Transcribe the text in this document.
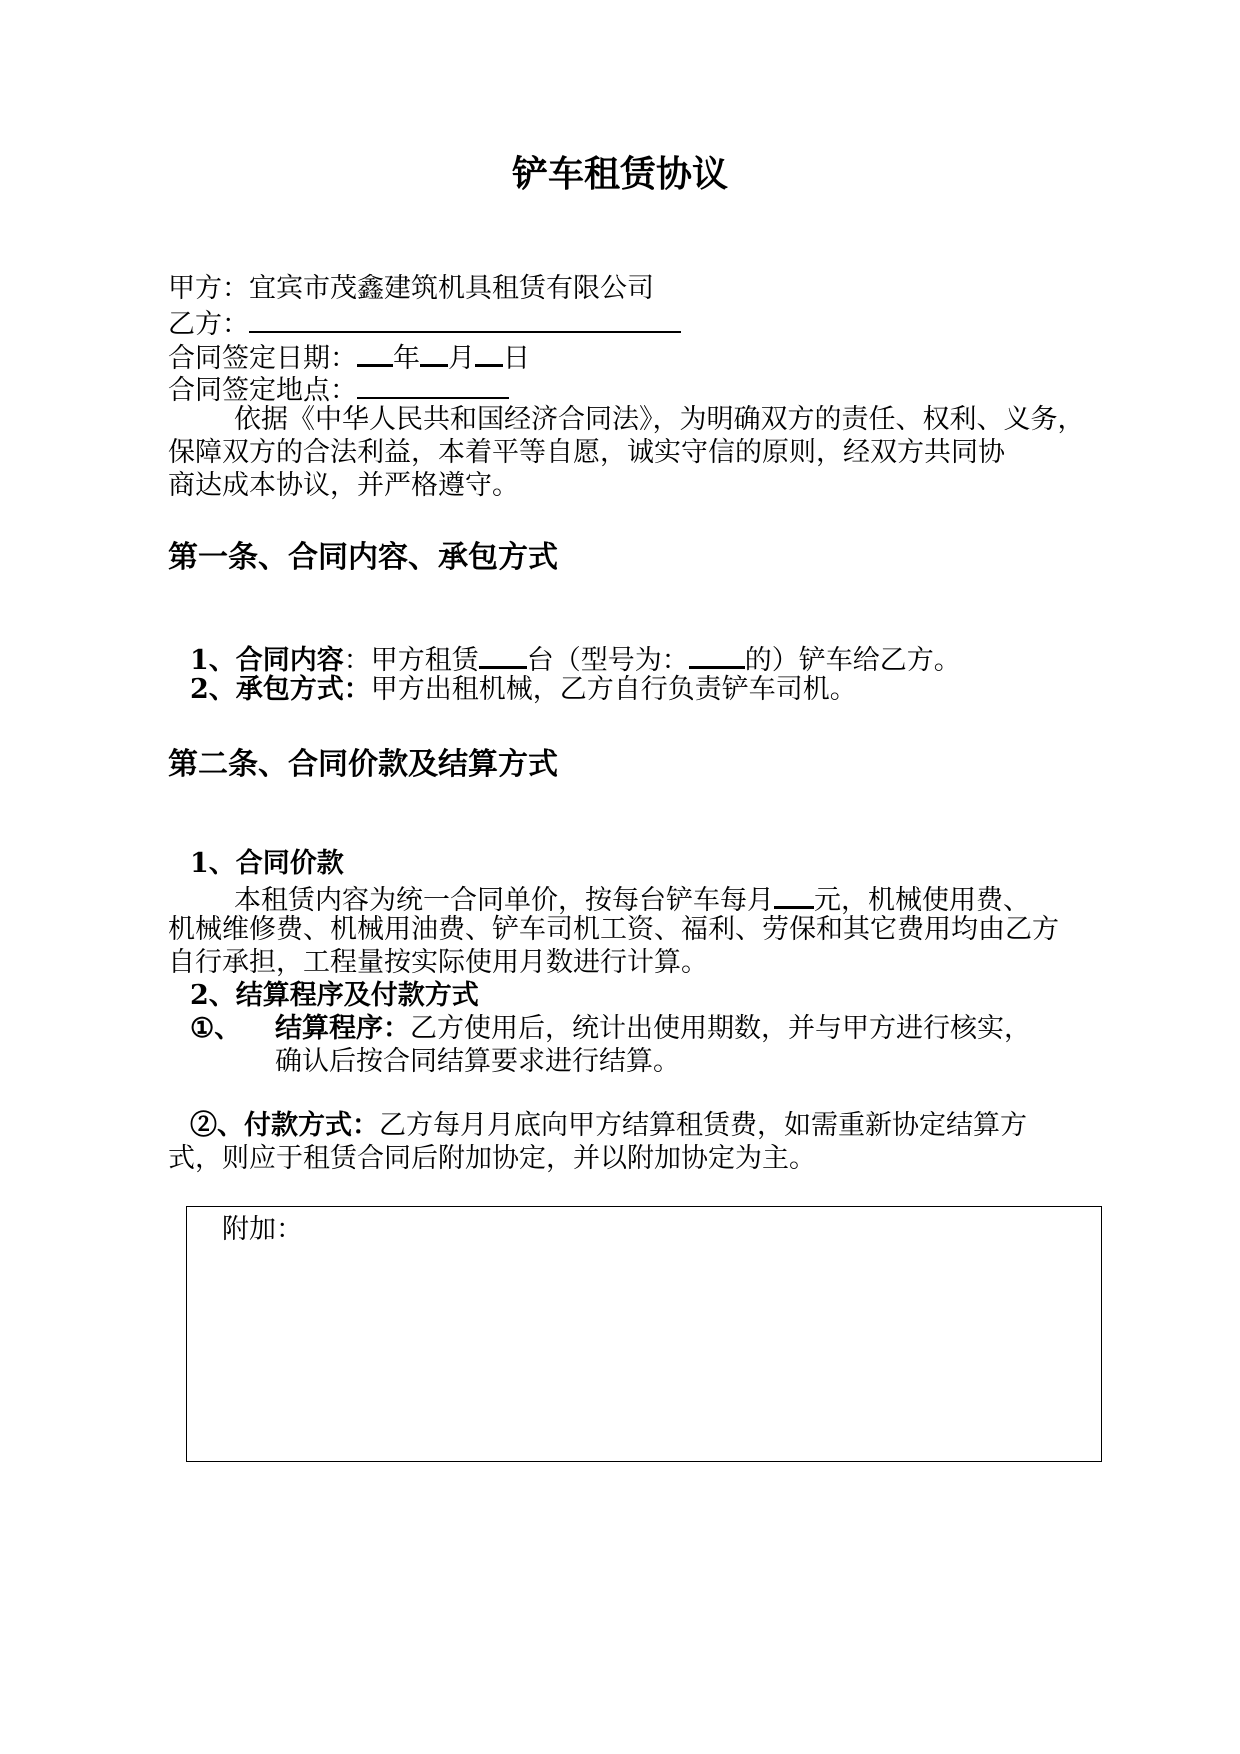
铲车租赁协议
甲方：宜宾市茂鑫建筑机具租赁有限公司
乙方：
合同签定日期： 年 月 日
合同签定地点：
依据《中华人民共和国经济合同法》，为明确双方的责任、权利、义务，
保障双方的合法利益，本着平等自愿，诚实守信的原则，经双方共同协
商达成本协议，并严格遵守。
第一条、合同内容、承包方式
1、合同内容：甲方租赁 台（型号为： 的）铲车给乙方。
2、承包方式：甲方出租机械，乙方自行负责铲车司机。
第二条、合同价款及结算方式
1、合同价款
本租赁内容为统一合同单价，按每台铲车每月 元，机械使用费、
机械维修费、机械用油费、铲车司机工资、福利、劳保和其它费用均由乙方
自行承担，工程量按实际使用月数进行计算。
2、结算程序及付款方式
①、 结算程序：乙方使用后，统计出使用期数，并与甲方进行核实，
确认后按合同结算要求进行结算。
②、付款方式：乙方每月月底向甲方结算租赁费，如需重新协定结算方
式，则应于租赁合同后附加协定，并以附加协定为主。
附加：
